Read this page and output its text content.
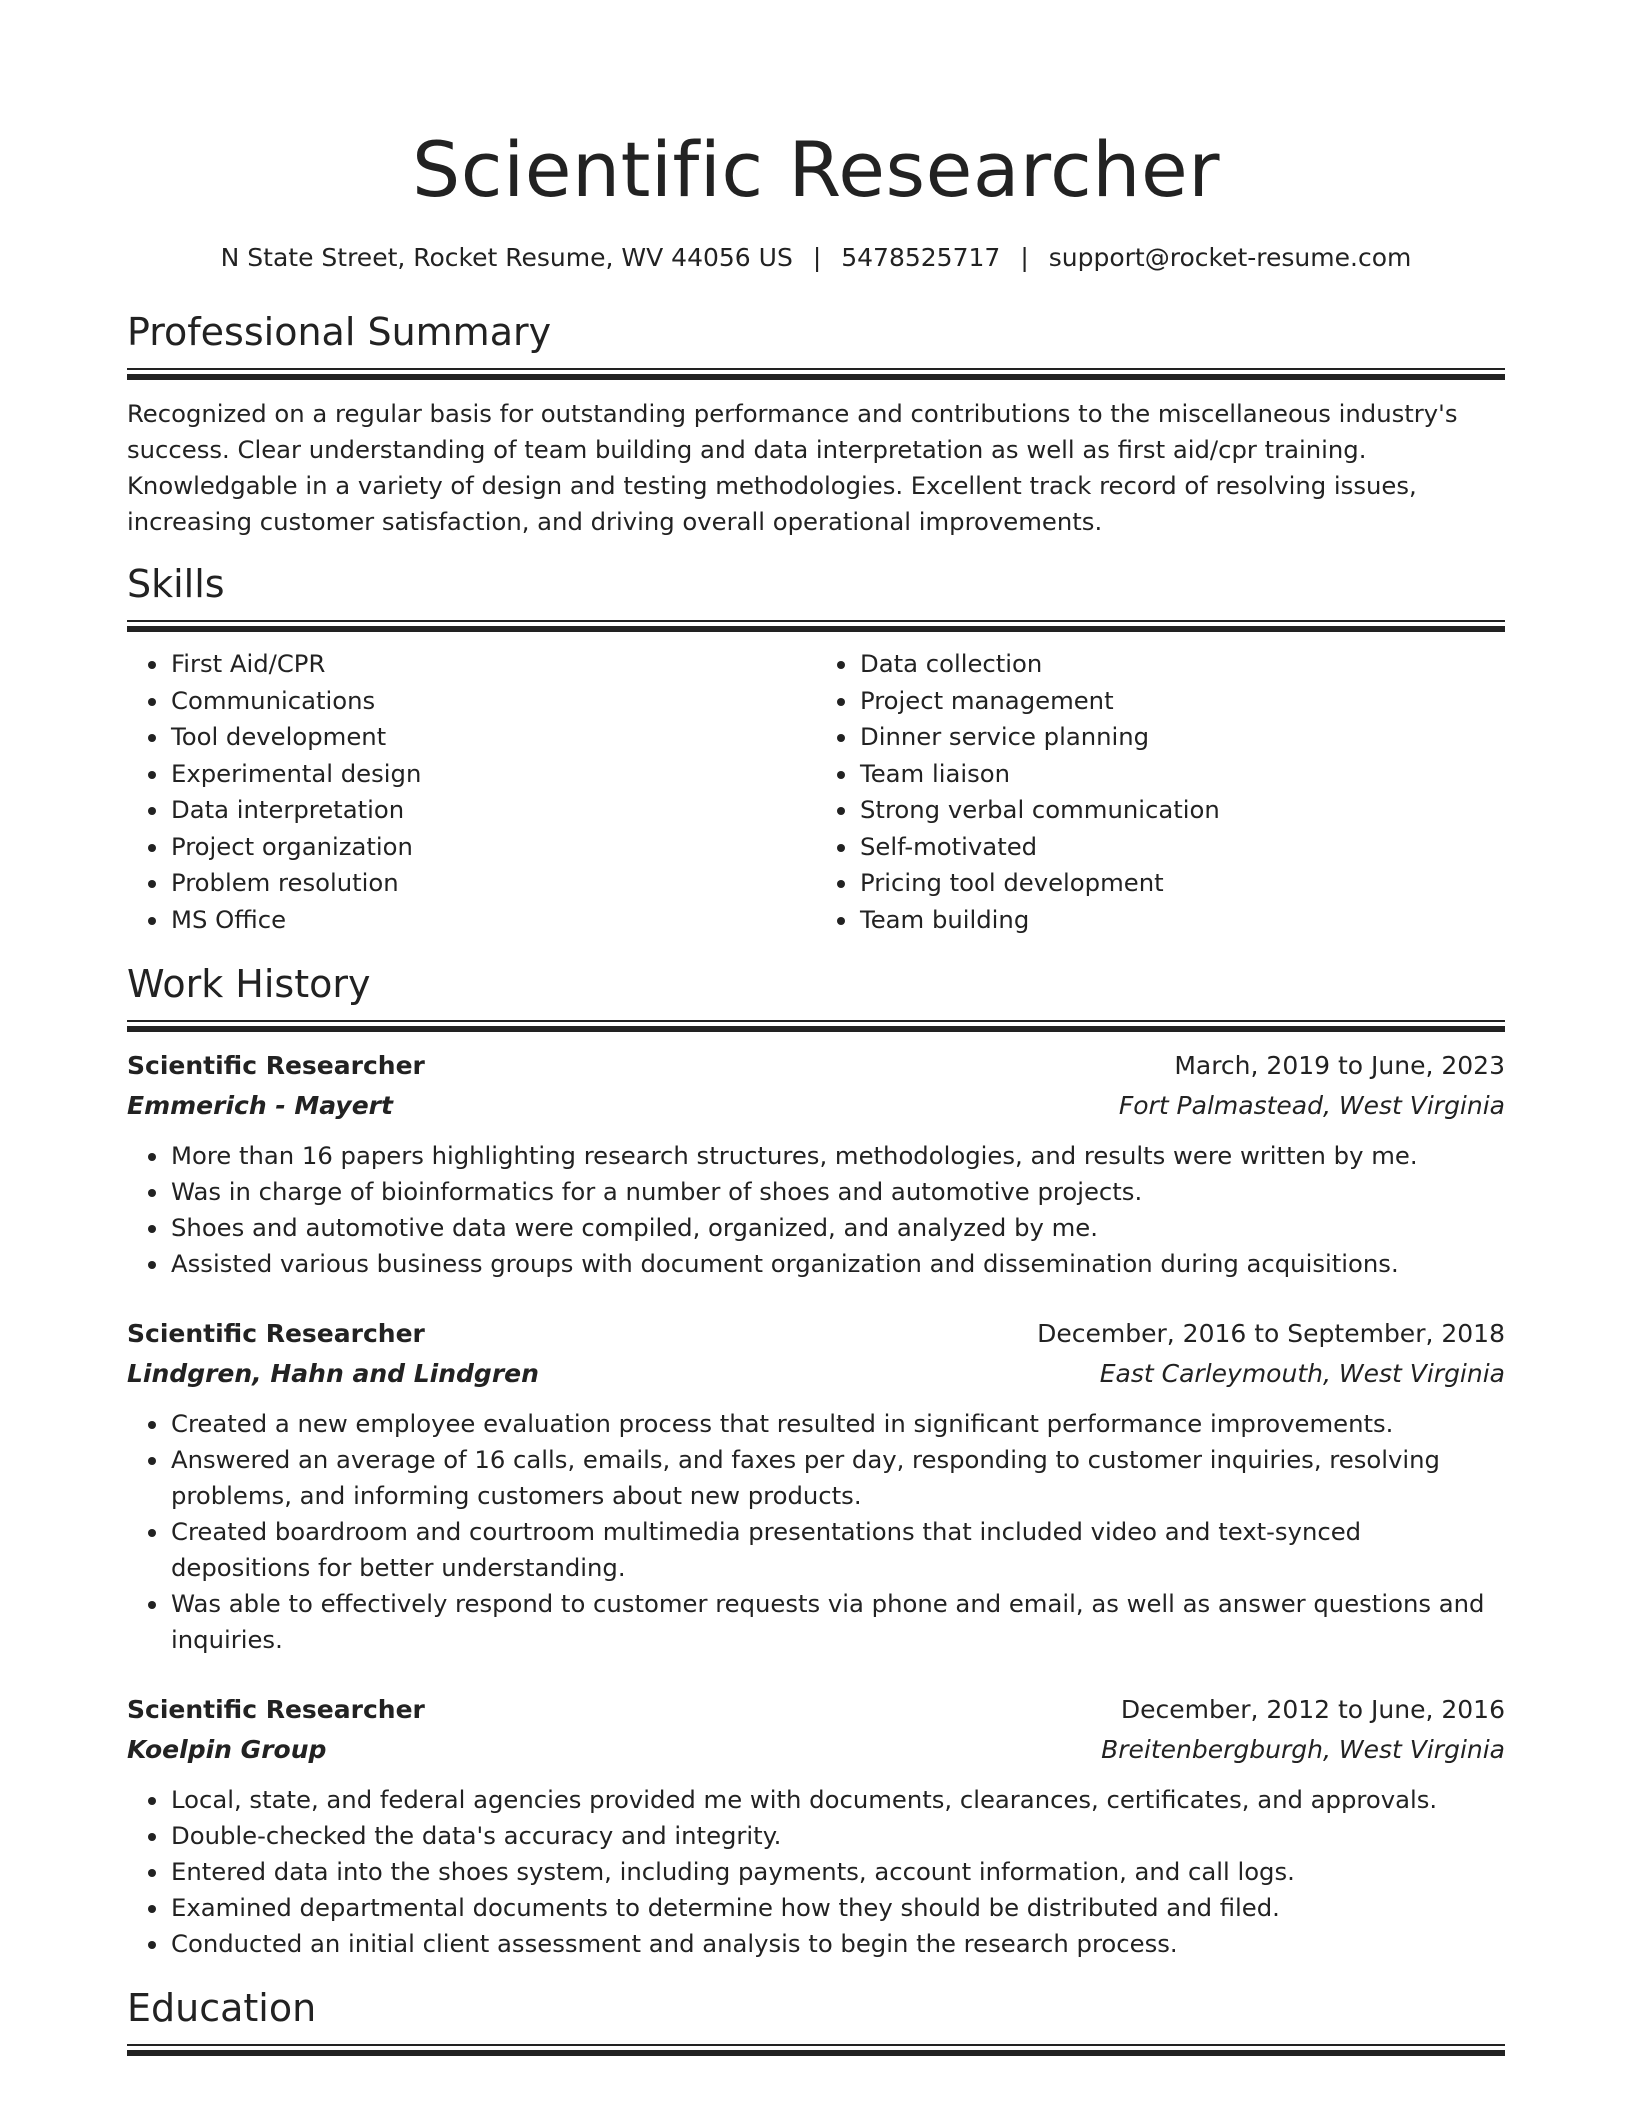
Scientific Researcher
N State Street, Rocket Resume, WV 44056 US | 5478525717 | support@rocket-resume.com
Professional Summary
Recognized on a regular basis for outstanding performance and contributions to the miscellaneous industry's success. Clear understanding of team building and data interpretation as well as first aid/cpr training. Knowledgable in a variety of design and testing methodologies. Excellent track record of resolving issues, increasing customer satisfaction, and driving overall operational improvements.
Skills
• First Aid/CPR
• Communications
• Tool development
• Experimental design
• Data interpretation
• Project organization
• Problem resolution
• MS Office
• Data collection
• Project management
• Dinner service planning
• Team liaison
• Strong verbal communication
• Self-motivated
• Pricing tool development
• Team building
Work History
Scientific Researcher	March, 2019 to June, 2023
Emmerich - Mayert	Fort Palmastead, West Virginia
• More than 16 papers highlighting research structures, methodologies, and results were written by me.
• Was in charge of bioinformatics for a number of shoes and automotive projects.
• Shoes and automotive data were compiled, organized, and analyzed by me.
• Assisted various business groups with document organization and dissemination during acquisitions.
Scientific Researcher	December, 2016 to September, 2018
Lindgren, Hahn and Lindgren	East Carleymouth, West Virginia
• Created a new employee evaluation process that resulted in significant performance improvements.
• Answered an average of 16 calls, emails, and faxes per day, responding to customer inquiries, resolving problems, and informing customers about new products.
• Created boardroom and courtroom multimedia presentations that included video and text-synced depositions for better understanding.
• Was able to effectively respond to customer requests via phone and email, as well as answer questions and inquiries.
Scientific Researcher	December, 2012 to June, 2016
Koelpin Group	Breitenbergburgh, West Virginia
• Local, state, and federal agencies provided me with documents, clearances, certificates, and approvals.
• Double-checked the data's accuracy and integrity.
• Entered data into the shoes system, including payments, account information, and call logs.
• Examined departmental documents to determine how they should be distributed and filed.
• Conducted an initial client assessment and analysis to begin the research process.
Education
